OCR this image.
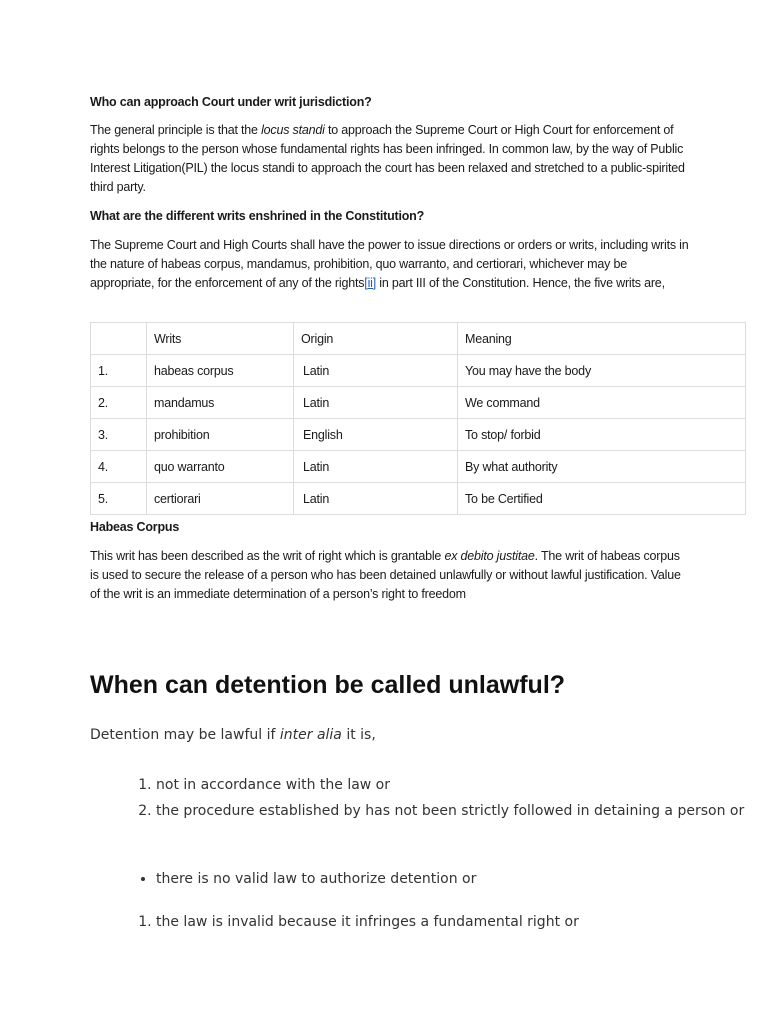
Who can approach Court under writ jurisdiction?

The general principle is that the locus standi to approach the Supreme Court or High Court for enforcement of rights belongs to the person whose fundamental rights has been infringed. In common law, by the way of Public Interest Litigation(PIL) the locus standi to approach the court has been relaxed and stretched to a public-spirited third party.

What are the different writs enshrined in the Constitution?

The Supreme Court and High Courts shall have the power to issue directions or orders or writs, including writs in the nature of habeas corpus, mandamus, prohibition, quo warranto, and certiorari, whichever may be appropriate, for the enforcement of any of the rights[ii] in part III of the Constitution. Hence, the five writs are,

	Writs	Origin	Meaning
1.	habeas corpus	Latin	You may have the body
2.	mandamus	Latin	We command
3.	prohibition	English	To stop/ forbid
4.	quo warranto	Latin	By what authority
5.	certiorari	Latin	To be Certified

Habeas Corpus

This writ has been described as the writ of right which is grantable ex debito justitae. The writ of habeas corpus is used to secure the release of a person who has been detained unlawfully or without lawful justification. Value of the writ is an immediate determination of a person’s right to freedom

When can detention be called unlawful?

Detention may be lawful if inter alia it is,

1. not in accordance with the law or
2. the procedure established by has not been strictly followed in detaining a person or
• there is no valid law to authorize detention or
1. the law is invalid because it infringes a fundamental right or
